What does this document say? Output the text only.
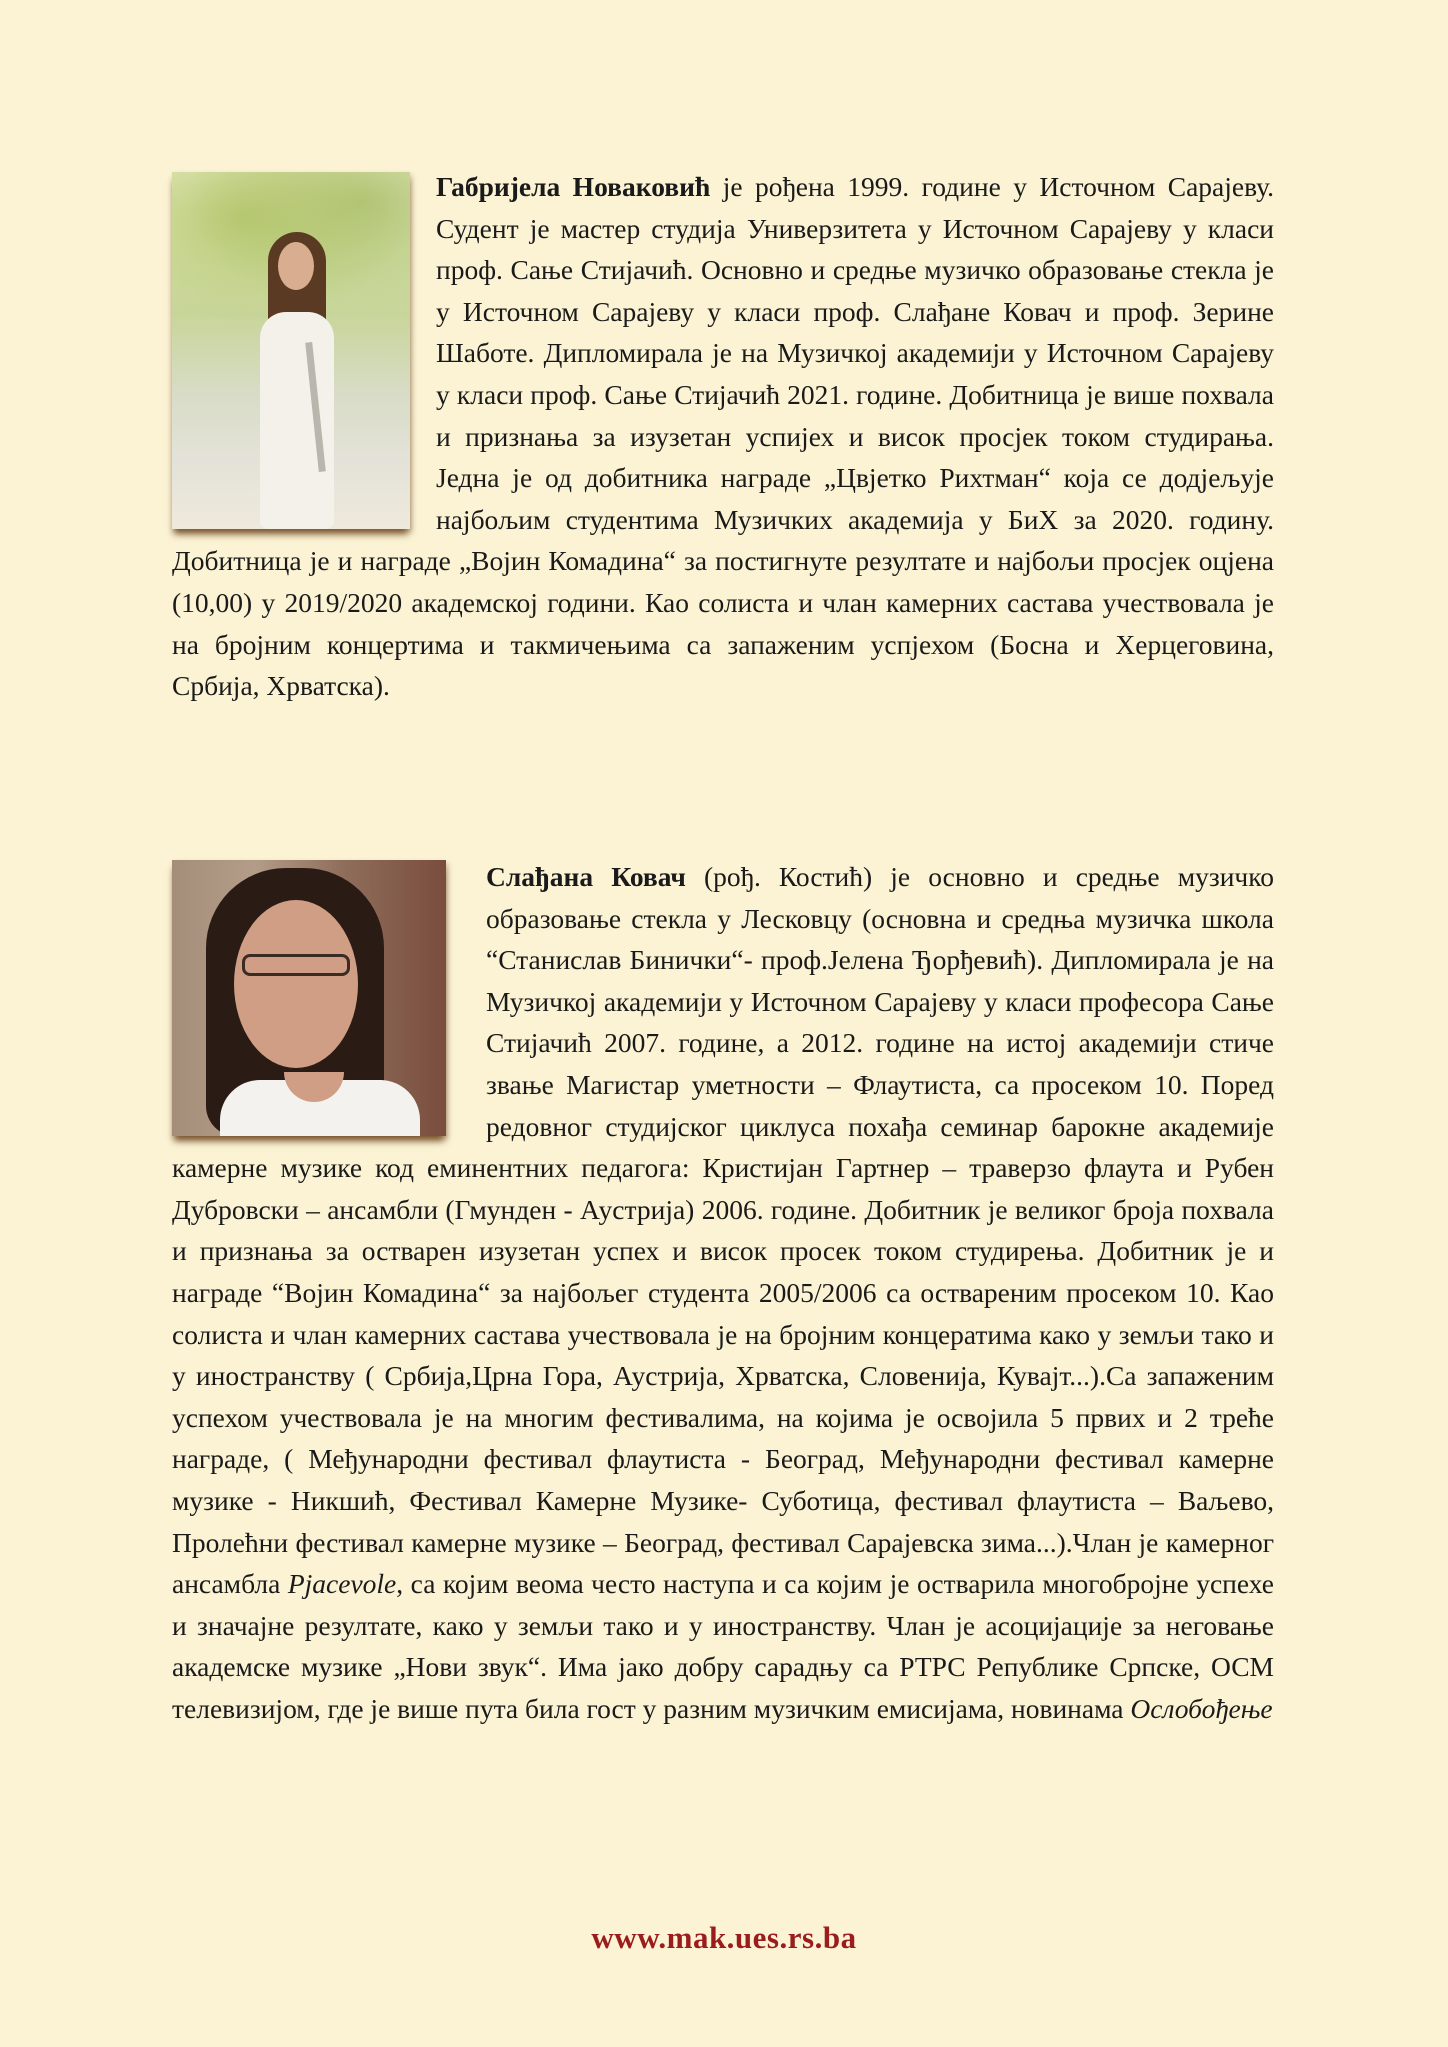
Габријела Новаковић је рођена 1999. године у Источном Сарајеву. Судент је мастер студија Универзитета у Источном Сарајеву у класи проф. Сање Стијачић. Основно и средње музичко образовање стекла је у Источном Сарајеву у класи проф. Слађане Ковач и проф. Зерине Шаботе. Дипломирала је на Музичкој академији у Источном Сарајеву у класи проф. Сање Стијачић 2021. године. Добитница је више похвала и признања за изузетан успијех и висок просјек током студирања. Једна је од добитника награде „Цвјетко Рихтман“ која се додјељује најбољим студентима Музичких академија у БиХ за 2020. годину. Добитница је и награде „Војин Комадина“ за постигнуте резултате и најбољи просјек оцјена (10,00) у 2019/2020 академској години. Као солиста и члан камерних састава учествовала је на бројним концертима и такмичењима са запаженим успјехом (Босна и Херцеговина, Србија, Хрватска).

Слађана Ковач (рођ. Костић) је основно и средње музичко образовање стекла у Лесковцу (основна и средња музичка школа “Станислав Бинички“- проф.Јелена Ђорђевић). Дипломирала је на Музичкој академији у Источном Сарајеву у класи професора Сање Стијачић 2007. године, а 2012. године на истој академији стиче звање Магистар уметности – Флаутиста, са просеком 10. Поред редовног студијског циклуса похађа семинар барокне академије камерне музике код еминентних педагога: Кристијан Гартнер – траверзо флаута и Рубен Дубровски – ансамбли (Гмунден - Аустрија) 2006. године. Добитник је великог броја похвала и признања за остварен изузетан успех и висок просек током студирења. Добитник је и награде “Војин Комадина“ за најбољег студента 2005/2006 са оствареним просеком 10. Као солиста и члан камерних састава учествовала је на бројним концератима како у земљи тако и у иностранству ( Србија,Црна Гора, Аустрија, Хрватска, Словенија, Кувајт...).Са запаженим успехом учествовала је на многим фестивалима, на којима је освојила 5 првих и 2 треће награде, ( Међународни фестивал флаутиста - Београд, Међународни фестивал камерне музике - Никшић, Фестивал Камерне Музике- Суботица, фестивал флаутиста – Ваљево, Пролећни фестивал камерне музике – Београд, фестивал Сарајевска зима...).Члан је камерног ансамбла Pjacevole, са којим веома често наступа и са којим је остварила многобројне успехе и значајне резултате, како у земљи тако и у иностранству. Члан је асоцијације за неговање академске музике „Нови звук“. Има јако добру сарадњу са РТРС Републике Српске, ОСМ телевизијом, где је више пута била гост у разним музичким емисијама, новинама Ослобођење

www.mak.ues.rs.ba
